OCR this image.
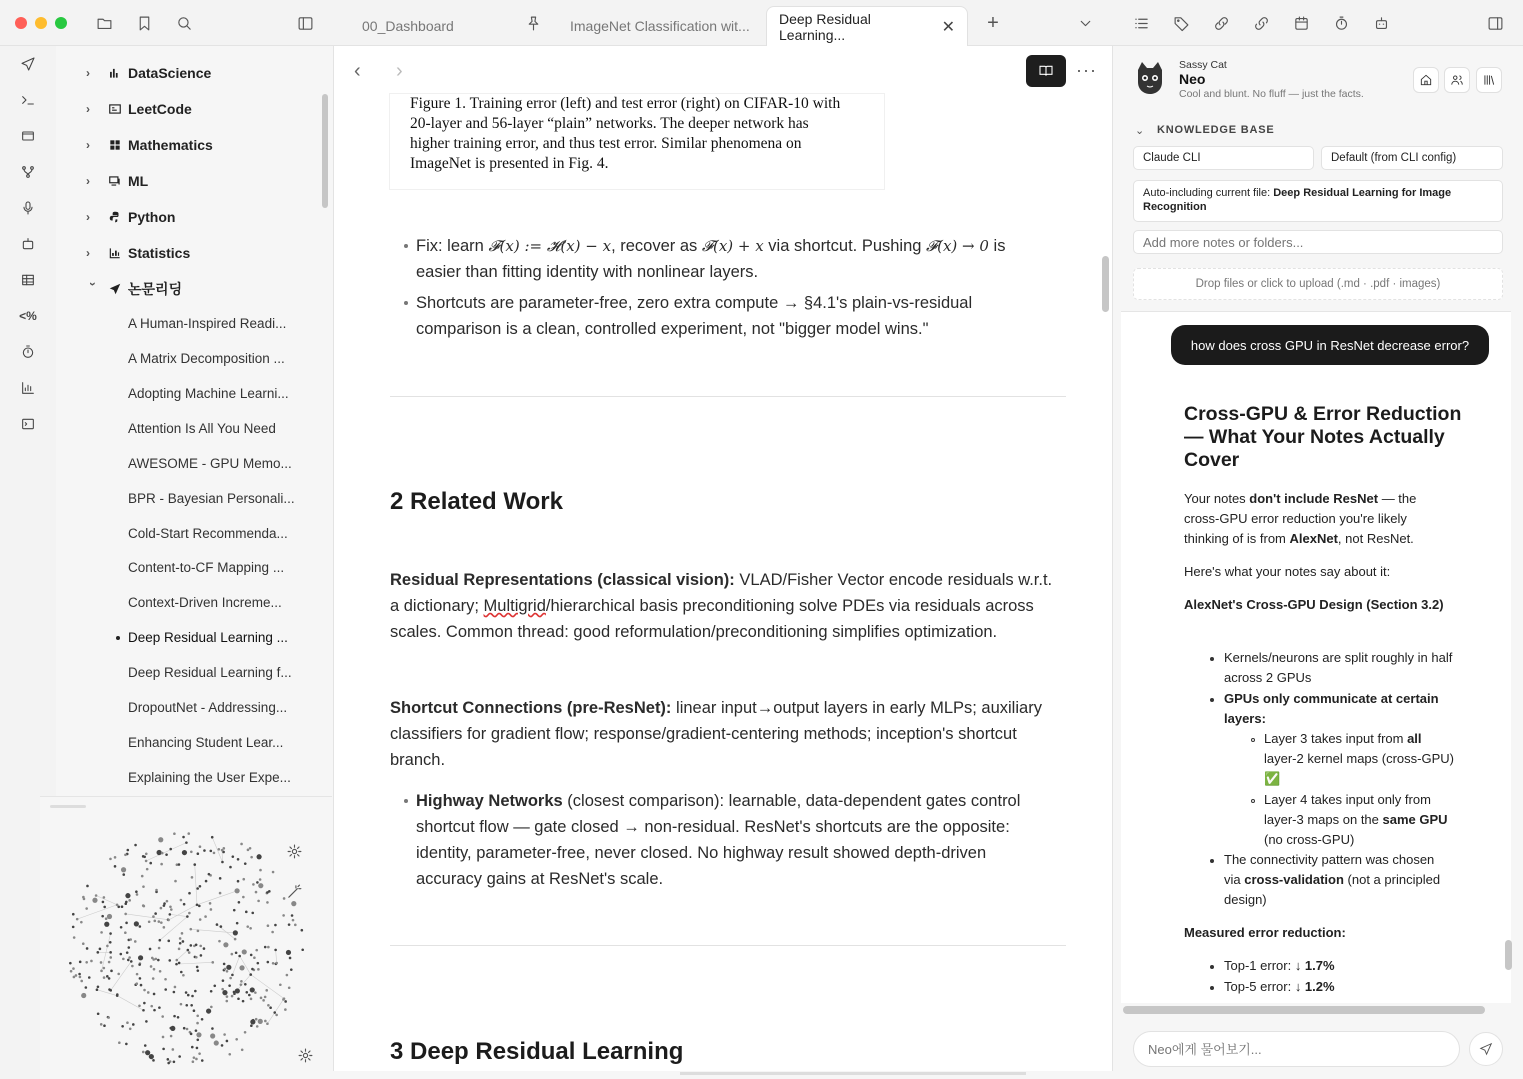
00_Dashboard	ImageNet Classification wit... Deep Residual Learning...	✕ +
<%
›	DataScience
›	LeetCode
›	Mathematics
›	ML
›	Python
›	Statistics
› 논문리딩
A Human-Inspired Readi...
A Matrix Decomposition ...
Adopting Machine Learni...
Attention Is All You Need
AWESOME - GPU Memo...
BPR - Bayesian Personali...
Cold-Start Recommenda...
Content-to-CF Mapping ...
Context-Driven Increme...
Deep Residual Learning ...
Deep Residual Learning f...
DropoutNet - Addressing...
Enhancing Student Lear...
Explaining the User Expe...
‹ ›	···
Figure 1. Training error (left) and test error (right) on CIFAR-10 with 20-layer and 56-layer “plain” networks. The deeper network has higher training error, and thus test error. Similar phenomena on ImageNet is presented in Fig. 4.
Fix: learn 𝓕(𝑥) := 𝓗(𝑥) − 𝑥, recover as 𝓕(𝑥) + 𝑥 via shortcut. Pushing 𝓕(𝑥) → 0 is easier than fitting identity with nonlinear layers.
Shortcuts are parameter-free, zero extra compute → §4.1's plain-vs-residual comparison is a clean, controlled experiment, not "bigger model wins."
2 Related Work
Residual Representations (classical vision): VLAD/Fisher Vector encode residuals w.r.t. a dictionary; Multigrid/hierarchical basis preconditioning solve PDEs via residuals across scales. Common thread: good reformulation/preconditioning simplifies optimization.
Shortcut Connections (pre-ResNet): linear input→output layers in early MLPs; auxiliary classifiers for gradient flow; response/gradient-centering methods; inception's shortcut branch.
Highway Networks (closest comparison): learnable, data-dependent gates control shortcut flow — gate closed → non-residual. ResNet's shortcuts are the opposite: identity, parameter-free, never closed. No highway result showed depth-driven accuracy gains at ResNet's scale.
3 Deep Residual Learning
Sassy Cat
Neo
Cool and blunt. No fluff — just the facts.
⌄ KNOWLEDGE BASE
Claude CLI	Default (from CLI config)
Auto-including current file: Deep Residual Learning for Image Recognition
Add more notes or folders...
Drop files or click to upload (.md · .pdf · images)
how does cross GPU in ResNet decrease error?
Cross-GPU & Error Reduction — What Your Notes Actually Cover
Your notes don't include ResNet — the cross-GPU error reduction you're likely thinking of is from AlexNet, not ResNet.
Here's what your notes say about it:
AlexNet's Cross-GPU Design (Section 3.2)
Kernels/neurons are split roughly in half across 2 GPUs
GPUs only communicate at certain layers:
Layer 3 takes input from all layer-2 kernel maps (cross-GPU) ✅
Layer 4 takes input only from layer-3 maps on the same GPU (no cross-GPU)
The connectivity pattern was chosen via cross-validation (not a principled design)
Measured error reduction:
Top-1 error: ↓ 1.7%
Top-5 error: ↓ 1.2%
Neo에게 물어보기...
